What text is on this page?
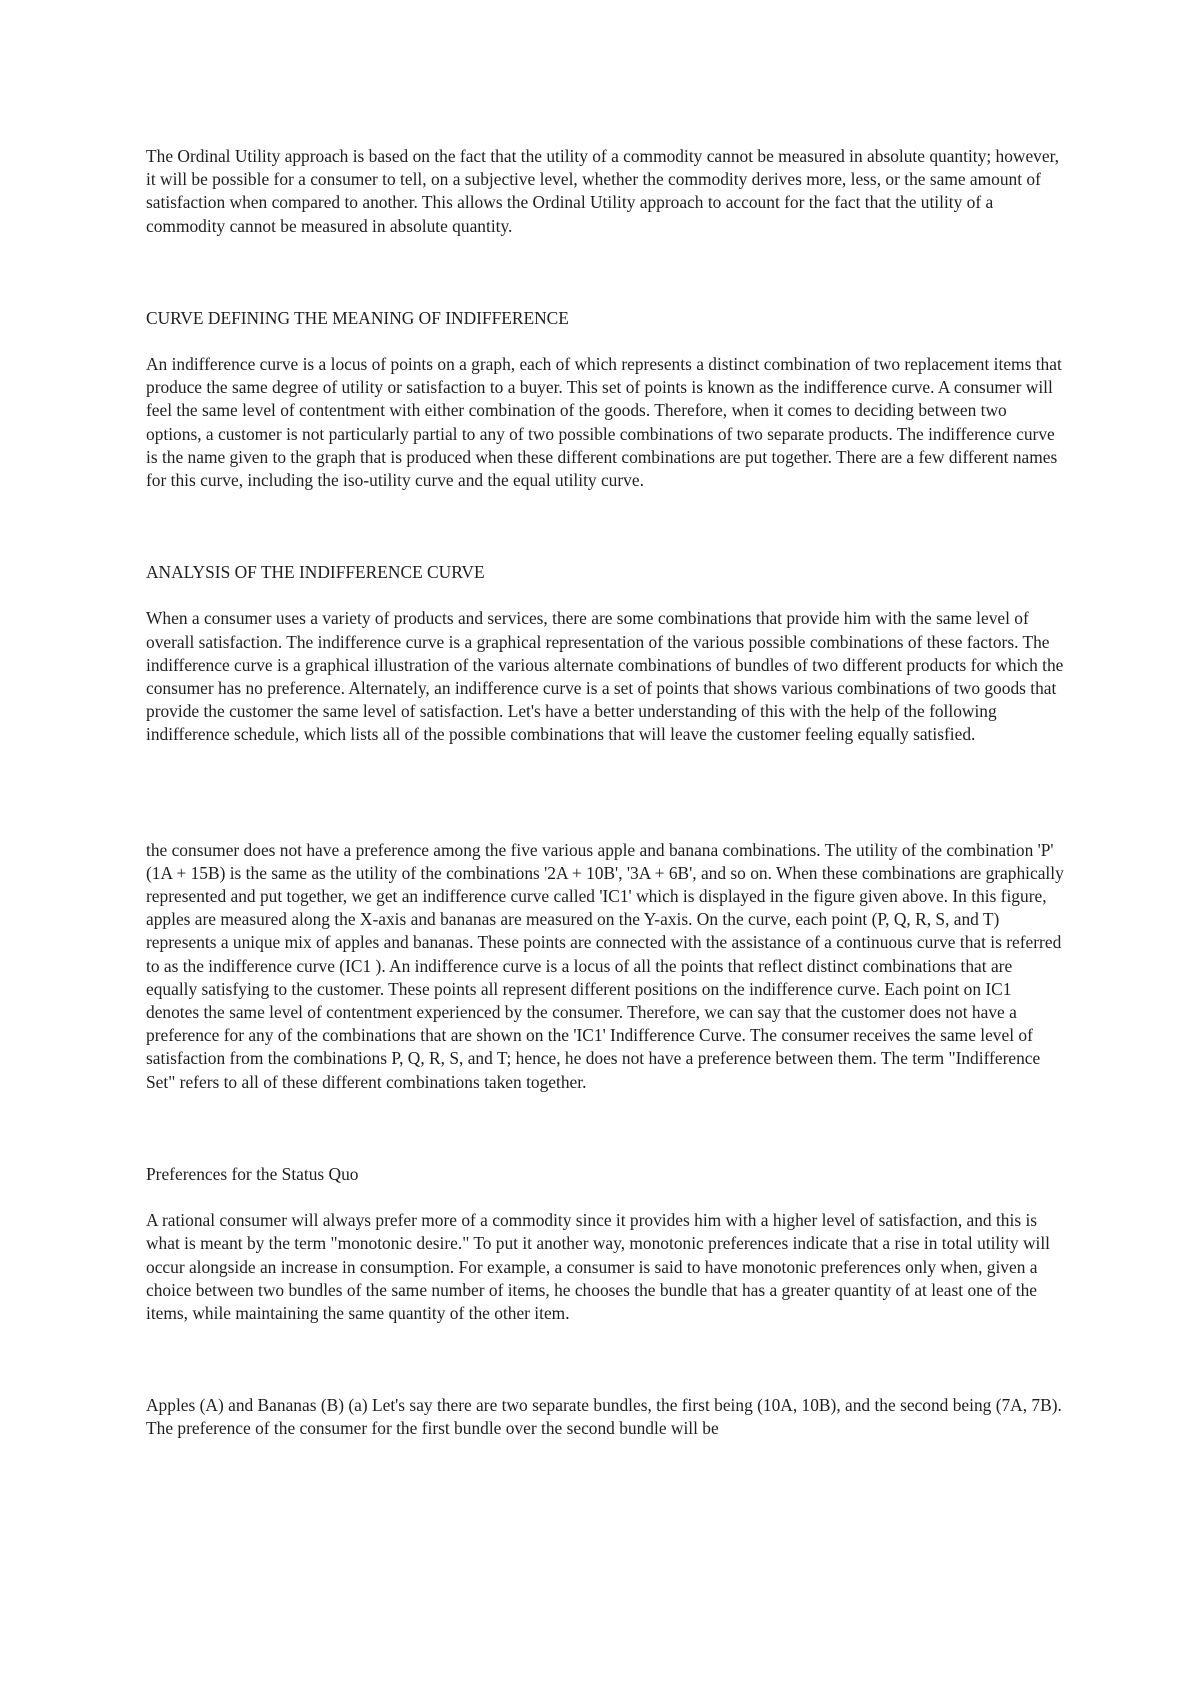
The Ordinal Utility approach is based on the fact that the utility of a commodity cannot be measured in absolute quantity; however, it will be possible for a consumer to tell, on a subjective level, whether the commodity derives more, less, or the same amount of satisfaction when compared to another. This allows the Ordinal Utility approach to account for the fact that the utility of a commodity cannot be measured in absolute quantity.

CURVE DEFINING THE MEANING OF INDIFFERENCE

An indifference curve is a locus of points on a graph, each of which represents a distinct combination of two replacement items that produce the same degree of utility or satisfaction to a buyer. This set of points is known as the indifference curve. A consumer will feel the same level of contentment with either combination of the goods. Therefore, when it comes to deciding between two options, a customer is not particularly partial to any of two possible combinations of two separate products. The indifference curve is the name given to the graph that is produced when these different combinations are put together. There are a few different names for this curve, including the iso-utility curve and the equal utility curve.

ANALYSIS OF THE INDIFFERENCE CURVE

When a consumer uses a variety of products and services, there are some combinations that provide him with the same level of overall satisfaction. The indifference curve is a graphical representation of the various possible combinations of these factors. The indifference curve is a graphical illustration of the various alternate combinations of bundles of two different products for which the consumer has no preference. Alternately, an indifference curve is a set of points that shows various combinations of two goods that provide the customer the same level of satisfaction. Let's have a better understanding of this with the help of the following indifference schedule, which lists all of the possible combinations that will leave the customer feeling equally satisfied.

the consumer does not have a preference among the five various apple and banana combinations. The utility of the combination 'P' (1A + 15B) is the same as the utility of the combinations '2A + 10B', '3A + 6B', and so on. When these combinations are graphically represented and put together, we get an indifference curve called 'IC1' which is displayed in the figure given above. In this figure, apples are measured along the X-axis and bananas are measured on the Y-axis. On the curve, each point (P, Q, R, S, and T) represents a unique mix of apples and bananas. These points are connected with the assistance of a continuous curve that is referred to as the indifference curve (IC1 ). An indifference curve is a locus of all the points that reflect distinct combinations that are equally satisfying to the customer. These points all represent different positions on the indifference curve. Each point on IC1 denotes the same level of contentment experienced by the consumer. Therefore, we can say that the customer does not have a preference for any of the combinations that are shown on the 'IC1' Indifference Curve. The consumer receives the same level of satisfaction from the combinations P, Q, R, S, and T; hence, he does not have a preference between them. The term "Indifference Set" refers to all of these different combinations taken together.

Preferences for the Status Quo

A rational consumer will always prefer more of a commodity since it provides him with a higher level of satisfaction, and this is what is meant by the term "monotonic desire." To put it another way, monotonic preferences indicate that a rise in total utility will occur alongside an increase in consumption. For example, a consumer is said to have monotonic preferences only when, given a choice between two bundles of the same number of items, he chooses the bundle that has a greater quantity of at least one of the items, while maintaining the same quantity of the other item.

Apples (A) and Bananas (B) (a) Let's say there are two separate bundles, the first being (10A, 10B), and the second being (7A, 7B). The preference of the consumer for the first bundle over the second bundle will be
